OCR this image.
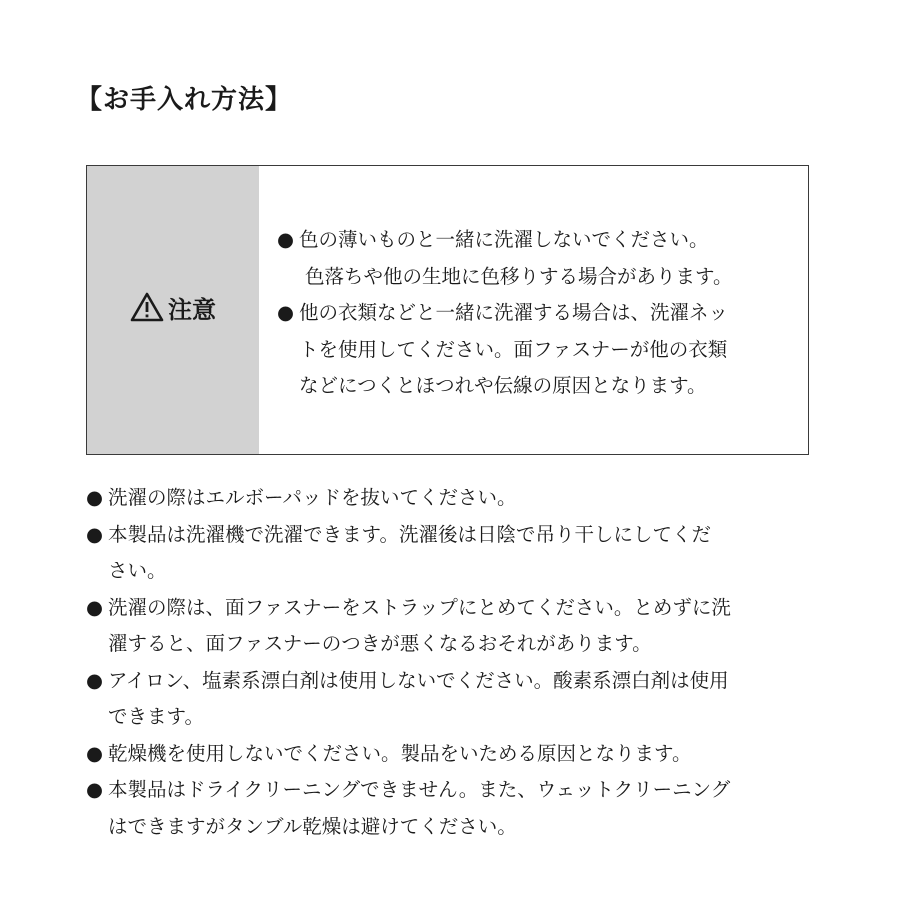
【お手入れ方法】
注意
● 色の薄いものと一緒に洗濯しないでください。
色落ちや他の生地に色移りする場合があります。
● 他の衣類などと一緒に洗濯する場合は、洗濯ネッ
トを使用してください。面ファスナーが他の衣類
などにつくとほつれや伝線の原因となります。
● 洗濯の際はエルボーパッドを抜いてください。
● 本製品は洗濯機で洗濯できます。洗濯後は日陰で吊り干しにしてくだ
さい。
● 洗濯の際は、面ファスナーをストラップにとめてください。とめずに洗
濯すると、面ファスナーのつきが悪くなるおそれがあります。
● アイロン、塩素系漂白剤は使用しないでください。酸素系漂白剤は使用
できます。
● 乾燥機を使用しないでください。製品をいためる原因となります。
● 本製品はドライクリーニングできません。また、ウェットクリーニング
はできますがタンブル乾燥は避けてください。
